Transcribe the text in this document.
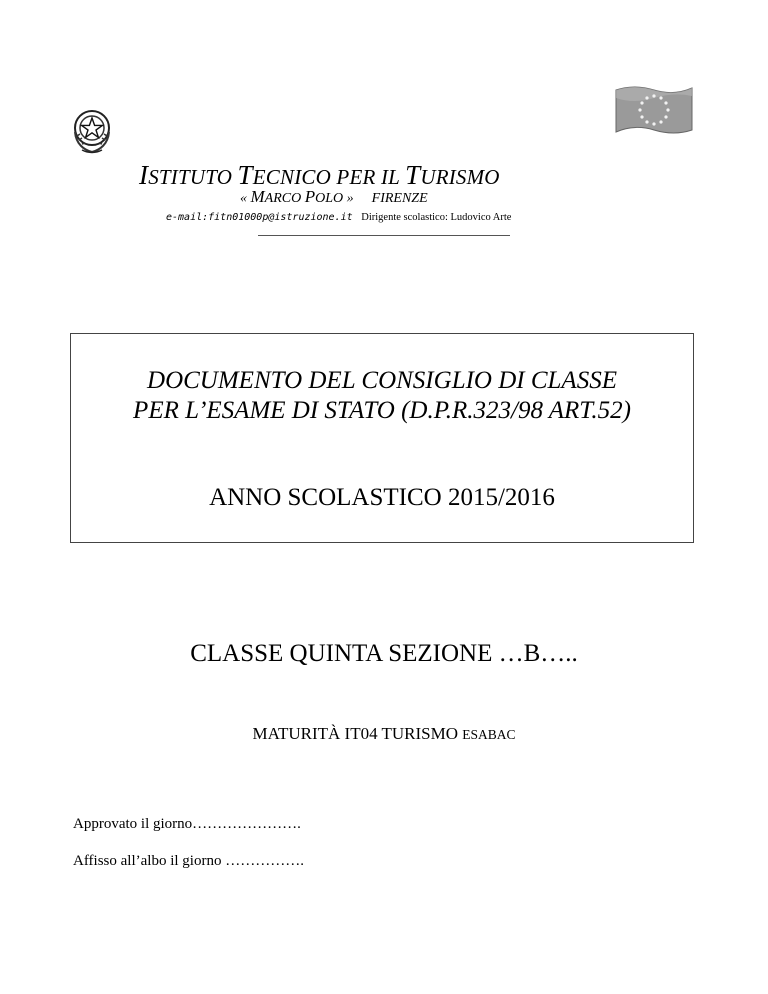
ISTITUTO TECNICO PER IL TURISMO
« MARCO POLO » FIRENZE
e-mail:fitn01000p@istruzione.it Dirigente scolastico: Ludovico Arte
DOCUMENTO DEL CONSIGLIO DI CLASSE
PER L’ESAME DI STATO (D.P.R.323/98 ART.52)
ANNO SCOLASTICO 2015/2016
CLASSE QUINTA SEZIONE …B…..
MATURITÀ IT04 TURISMO ESABAC
Approvato il giorno………………….
Affisso all’albo il giorno …………….
